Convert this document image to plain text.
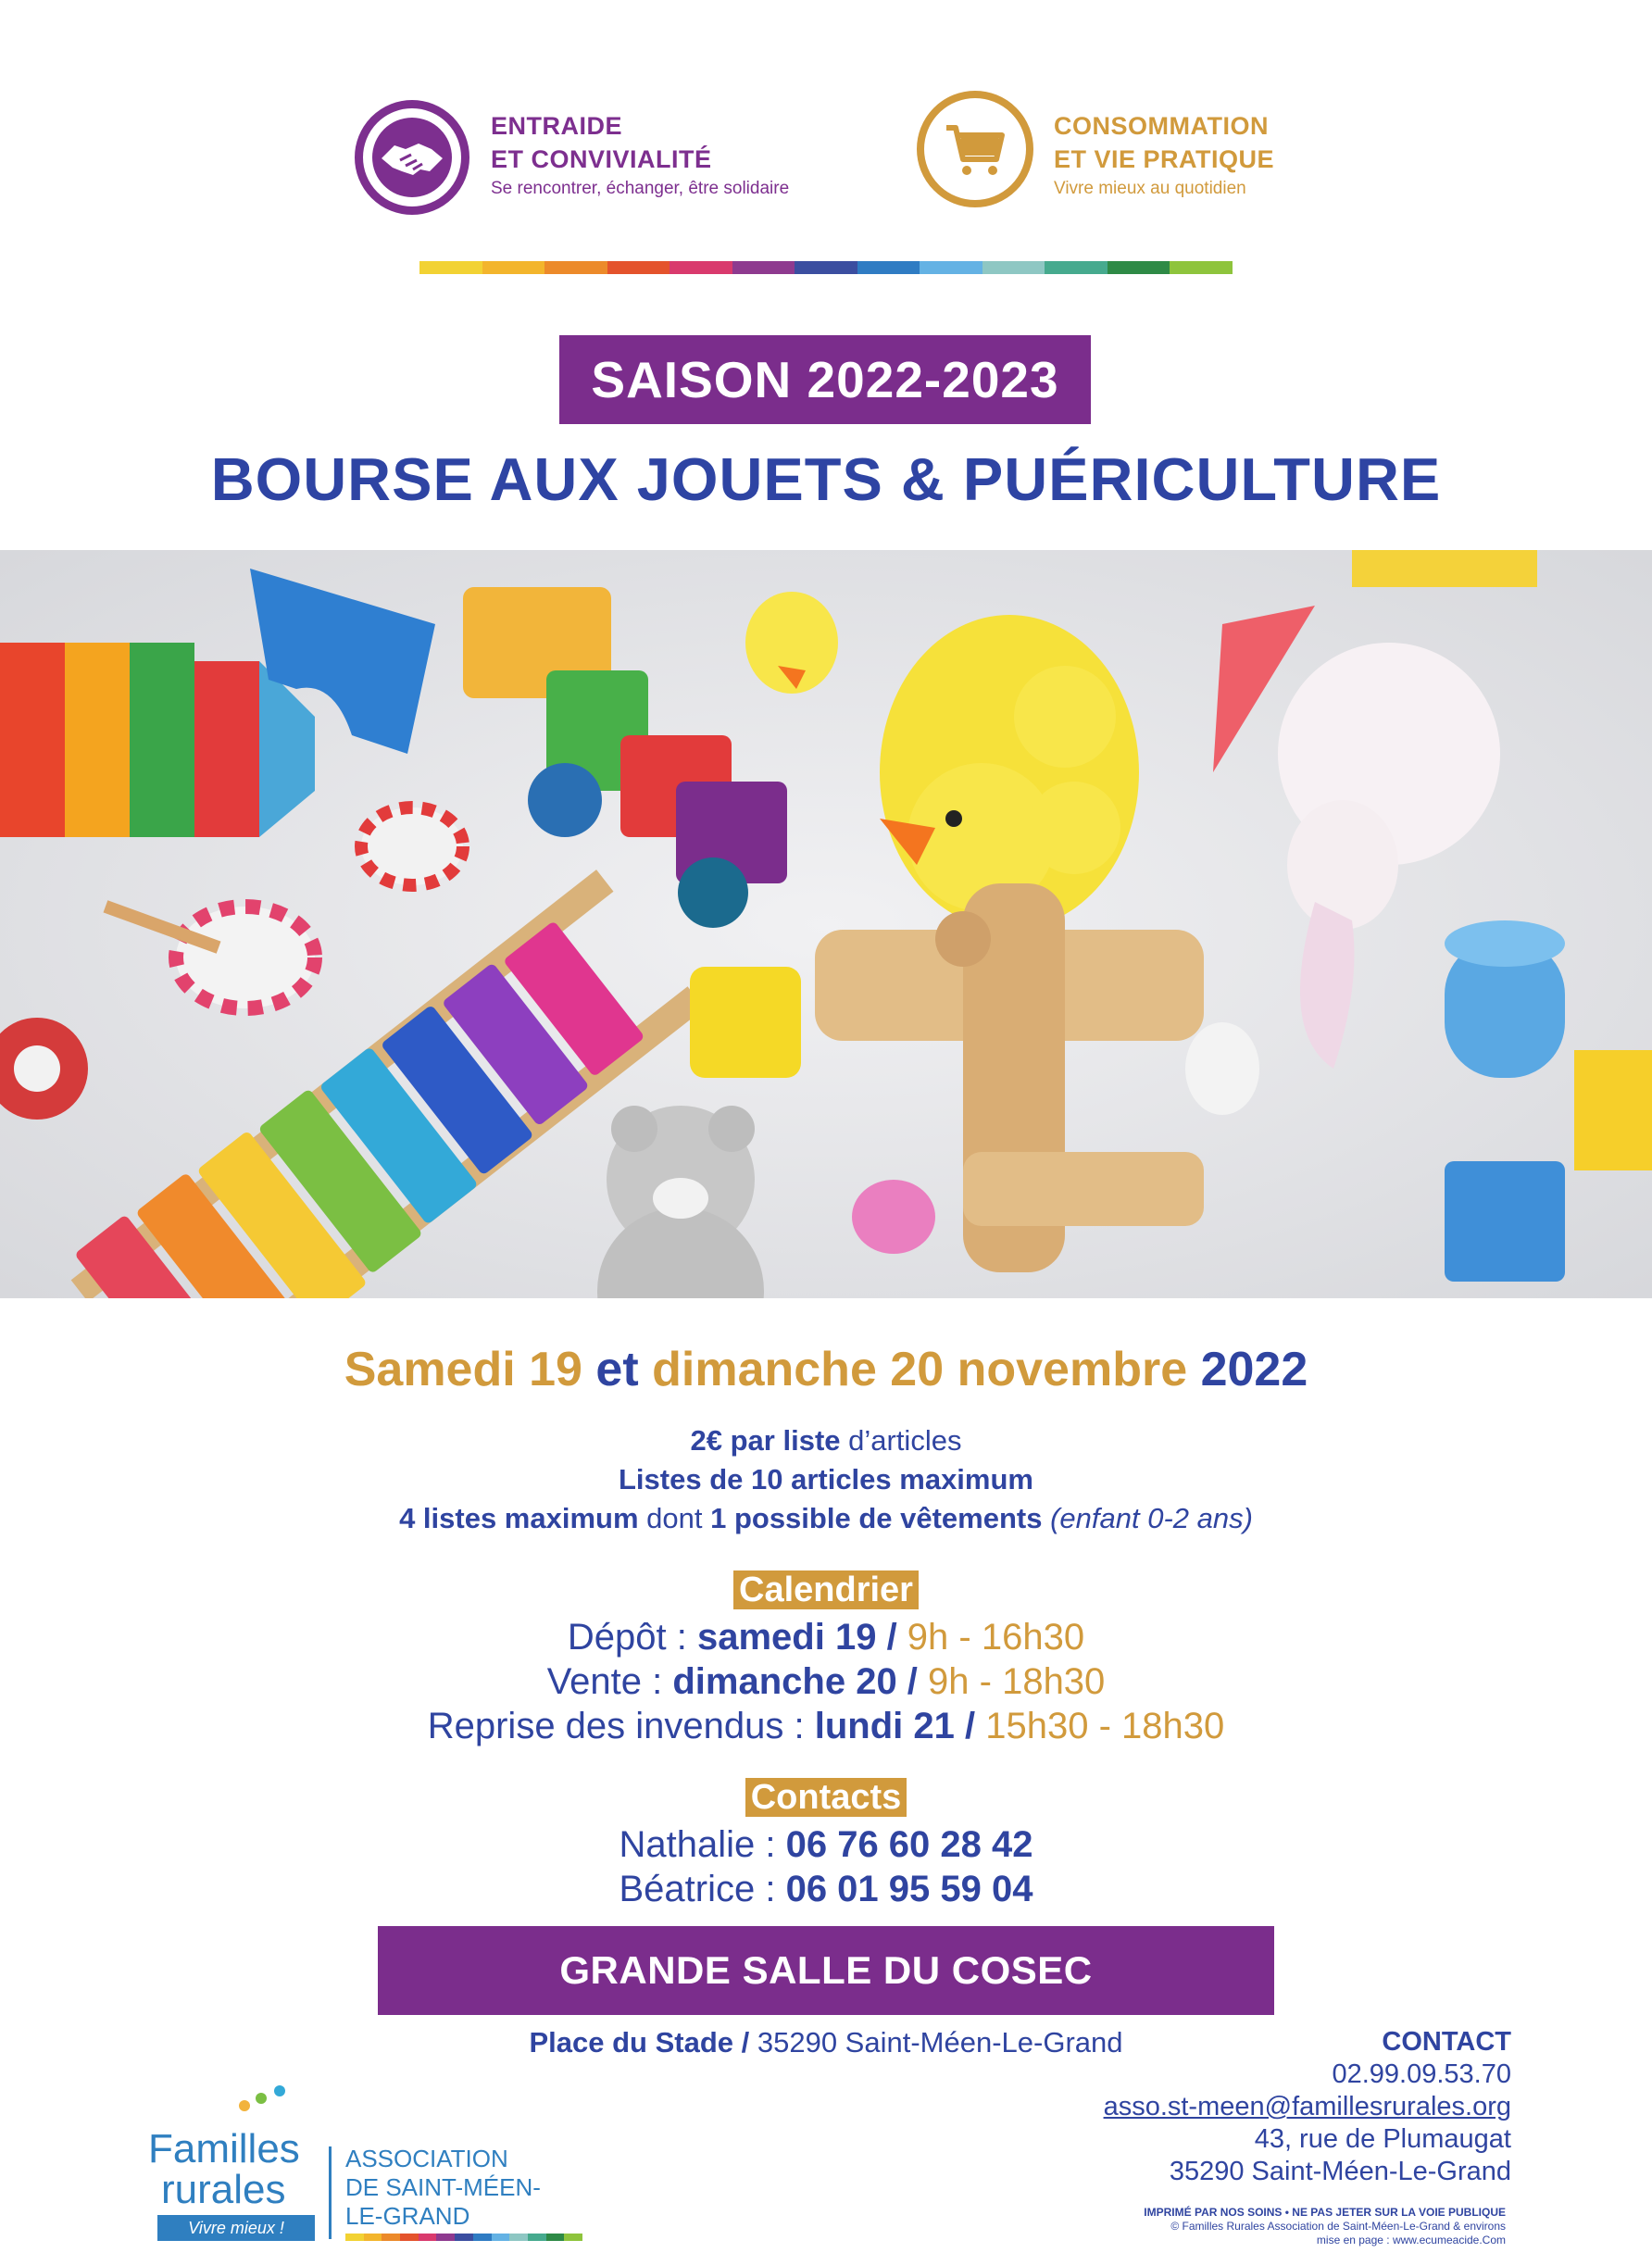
ENTRAIDE
ET CONVIVIALITÉ
Se rencontrer, échanger, être solidaire
CONSOMMATION
ET VIE PRATIQUE
Vivre mieux au quotidien
SAISON 2022-2023
BOURSE AUX JOUETS & PUÉRICULTURE
Samedi 19 et dimanche 20 novembre 2022
2€ par liste d’articles
Listes de 10 articles maximum
4 listes maximum dont 1 possible de vêtements (enfant 0-2 ans)
Calendrier
Dépôt : samedi 19 / 9h - 16h30
Vente : dimanche 20 / 9h - 18h30
Reprise des invendus : lundi 21 / 15h30 - 18h30
Contacts
Nathalie : 06 76 60 28 42
Béatrice : 06 01 95 59 04
GRANDE SALLE DU COSEC
Place du Stade / 35290 Saint-Méen-Le-Grand
Familles
rurales
Vivre mieux !
ASSOCIATION
DE SAINT-MÉEN-
LE-GRAND
CONTACT
02.99.09.53.70
asso.st-meen@famillesrurales.org
43, rue de Plumaugat
35290 Saint-Méen-Le-Grand
IMPRIMÉ PAR NOS SOINS • NE PAS JETER SUR LA VOIE PUBLIQUE
© Familles Rurales Association de Saint-Méen-Le-Grand & environs
mise en page : www.ecumeacide.Com
